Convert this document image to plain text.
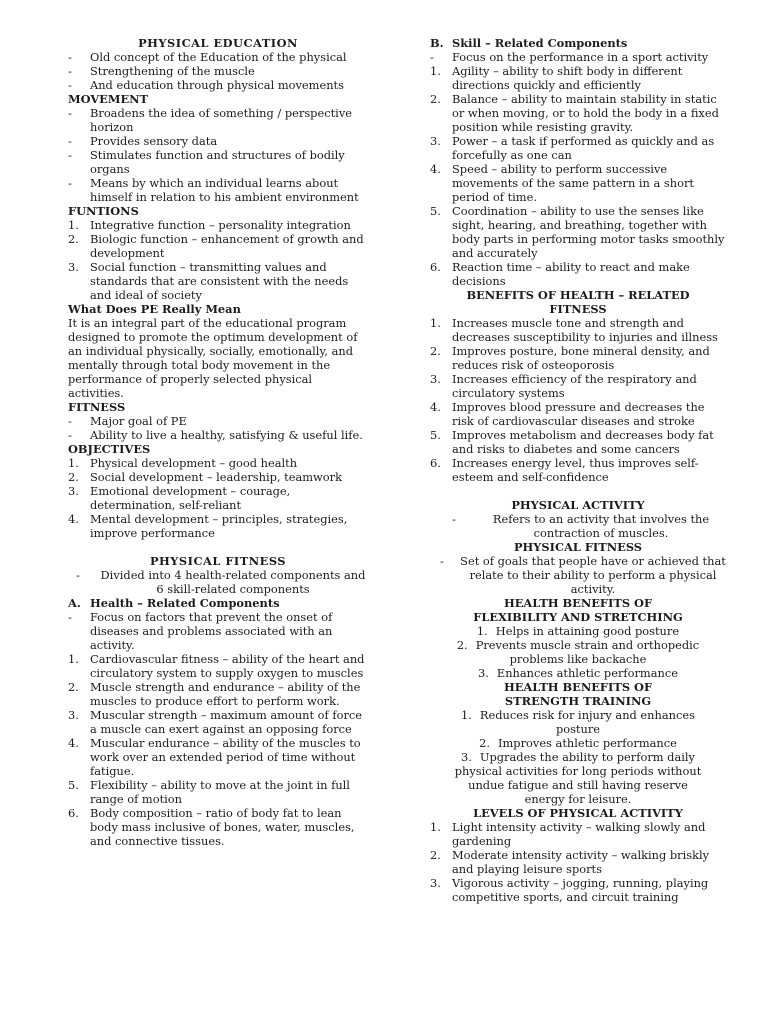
PHYSICAL EDUCATION
- Old concept of the Education of the physical
- Strengthening of the muscle
- And education through physical movements
MOVEMENT
- Broadens the idea of something / perspective horizon
- Provides sensory data
- Stimulates function and structures of bodily organs
- Means by which an individual learns about himself in relation to his ambient environment
FUNTIONS
1. Integrative function – personality integration
2. Biologic function – enhancement of growth and development
3. Social function – transmitting values and standards that are consistent with the needs and ideal of society
What Does PE Really Mean
It is an integral part of the educational program designed to promote the optimum development of an individual physically, socially, emotionally, and mentally through total body movement in the performance of properly selected physical activities.
FITNESS
- Major goal of PE
- Ability to live a healthy, satisfying & useful life.
OBJECTIVES
1. Physical development – good health
2. Social development – leadership, teamwork
3. Emotional development – courage, determination, self-reliant
4. Mental development – principles, strategies, improve performance
PHYSICAL FITNESS
- Divided into 4 health-related components and 6 skill-related components
A. Health – Related Components
- Focus on factors that prevent the onset of diseases and problems associated with an activity.
1. Cardiovascular fitness – ability of the heart and circulatory system to supply oxygen to muscles
2. Muscle strength and endurance – ability of the muscles to produce effort to perform work.
3. Muscular strength – maximum amount of force a muscle can exert against an opposing force
4. Muscular endurance – ability of the muscles to work over an extended period of time without fatigue.
5. Flexibility – ability to move at the joint in full range of motion
6. Body composition – ratio of body fat to lean body mass inclusive of bones, water, muscles, and connective tissues.
B. Skill – Related Components
- Focus on the performance in a sport activity
1. Agility – ability to shift body in different directions quickly and efficiently
2. Balance – ability to maintain stability in static or when moving, or to hold the body in a fixed position while resisting gravity.
3. Power – a task if performed as quickly and as forcefully as one can
4. Speed – ability to perform successive movements of the same pattern in a short period of time.
5. Coordination – ability to use the senses like sight, hearing, and breathing, together with body parts in performing motor tasks smoothly and accurately
6. Reaction time – ability to react and make decisions
BENEFITS OF HEALTH – RELATED FITNESS
1. Increases muscle tone and strength and decreases susceptibility to injuries and illness
2. Improves posture, bone mineral density, and reduces risk of osteoporosis
3. Increases efficiency of the respiratory and circulatory systems
4. Improves blood pressure and decreases the risk of cardiovascular diseases and stroke
5. Improves metabolism and decreases body fat and risks to diabetes and some cancers
6. Increases energy level, thus improves self-esteem and self-confidence
PHYSICAL ACTIVITY
-	Refers to an activity that involves the contraction of muscles.
PHYSICAL FITNESS
- Set of goals that people have or achieved that relate to their ability to perform a physical activity.
HEALTH BENEFITS OF FLEXIBILITY AND STRETCHING
1. Helps in attaining good posture
2. Prevents muscle strain and orthopedic problems like backache
3. Enhances athletic performance
HEALTH BENEFITS OF STRENGTH TRAINING
1. Reduces risk for injury and enhances posture
2. Improves athletic performance
3. Upgrades the ability to perform daily physical activities for long periods without undue fatigue and still having reserve energy for leisure.
LEVELS OF PHYSICAL ACTIVITY
1. Light intensity activity – walking slowly and gardening
2. Moderate intensity activity – walking briskly and playing leisure sports
3. Vigorous activity – jogging, running, playing competitive sports, and circuit training
